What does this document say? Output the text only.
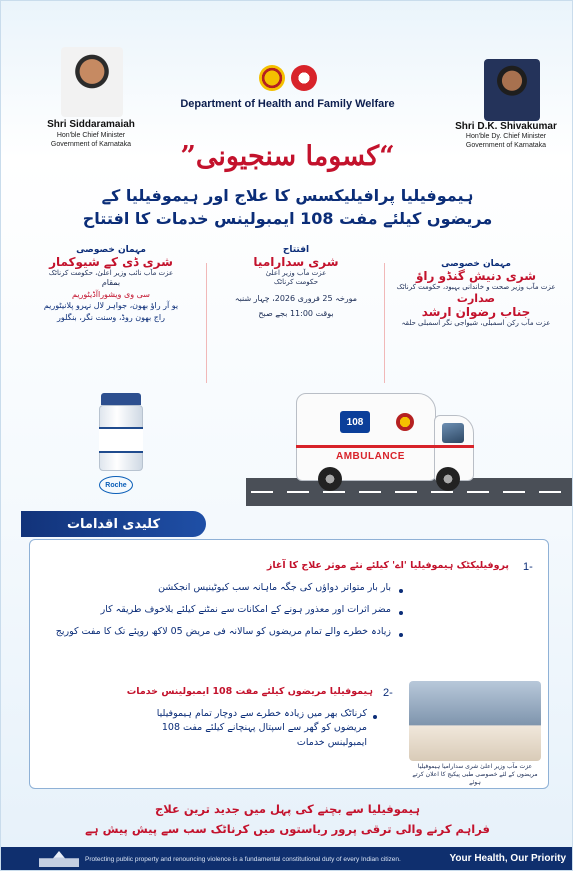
Shri Siddaramaiah
Hon'ble Chief Minister
Government of Karnataka
Department of Health and Family Welfare
Shri D.K. Shivakumar
Hon'ble Dy. Chief Minister
Government of Karnataka
“کسوما سنجیونی”
ہیموفیلیا پرافیلیکسس کا علاج اور ہیموفیلیا کے
مریضوں کیلئے مفت 108 ایمبولینس خدمات کا افتتاح
مہمان خصوصی
شری دنیش گنڈو راؤ
عزت مآب وزیر صحت و خاندانی بہبود، حکومت کرناٹک
صدارت
جناب رضوان ارشد
عزت مآب رکن اسمبلی، شیواجی نگر اسمبلی حلقہ
افتتاح
شری سدارامیا
عزت مآب وزیر اعلیٰ
حکومت کرناٹک
مورخہ 25 فروری 2026، چہار شنبہ
بوقت 11:00 بجے صبح
مہمان خصوصی
شری ڈی کے شیوکمار
عزت مآب نائب وزیر اعلیٰ، حکومت کرناٹک
بمقام
سی وی ویشوراآڈیٹوریم
یو آر راؤ بھون، جواہر لال نہرو پلانیٹوریم
راج بھون روڈ، وسنت نگر، بنگلور
Roche
108
AMBULANCE
کلیدی اقدامات
1-
پروفیلیکٹک ہیموفیلیا 'اے' کیلئے نئے موثر علاج کا آغاز
بار بار متواتر دواؤں کی جگہ ماہانہ سب کیوٹینیس انجکشن
مضر اثرات اور معذور ہونے کے امکانات سے نمٹنے کیلئے بلاخوف طریقہ کار
زیادہ خطرے والے تمام مریضوں کو سالانہ فی مریض 05 لاکھ روپئے تک کا مفت کوریج
2-
ہیموفیلیا مریضوں کیلئے مفت 108 ایمبولینس خدمات
کرناٹک بھر میں زیادہ خطرے سے دوچار تمام ہیموفیلیا مریضوں کو گھر سے اسپتال پہنچانے کیلئے مفت 108 ایمبولینس خدمات
عزت مآب وزیر اعلیٰ شری سدارامیا ہیموفیلیا مریضوں کے لئے خصوصی طبی پیکیج کا اعلان کرتے ہوئے
ہیموفیلیا سے بچنے کی پہل میں جدید ترین علاج
فراہم کرنے والی ترقی پرور ریاستوں میں کرناٹک سب سے پیش پیش ہے
Protecting public property and renouncing violence is a fundamental constitutional duty of every Indian citizen.	Your Health, Our Priority
